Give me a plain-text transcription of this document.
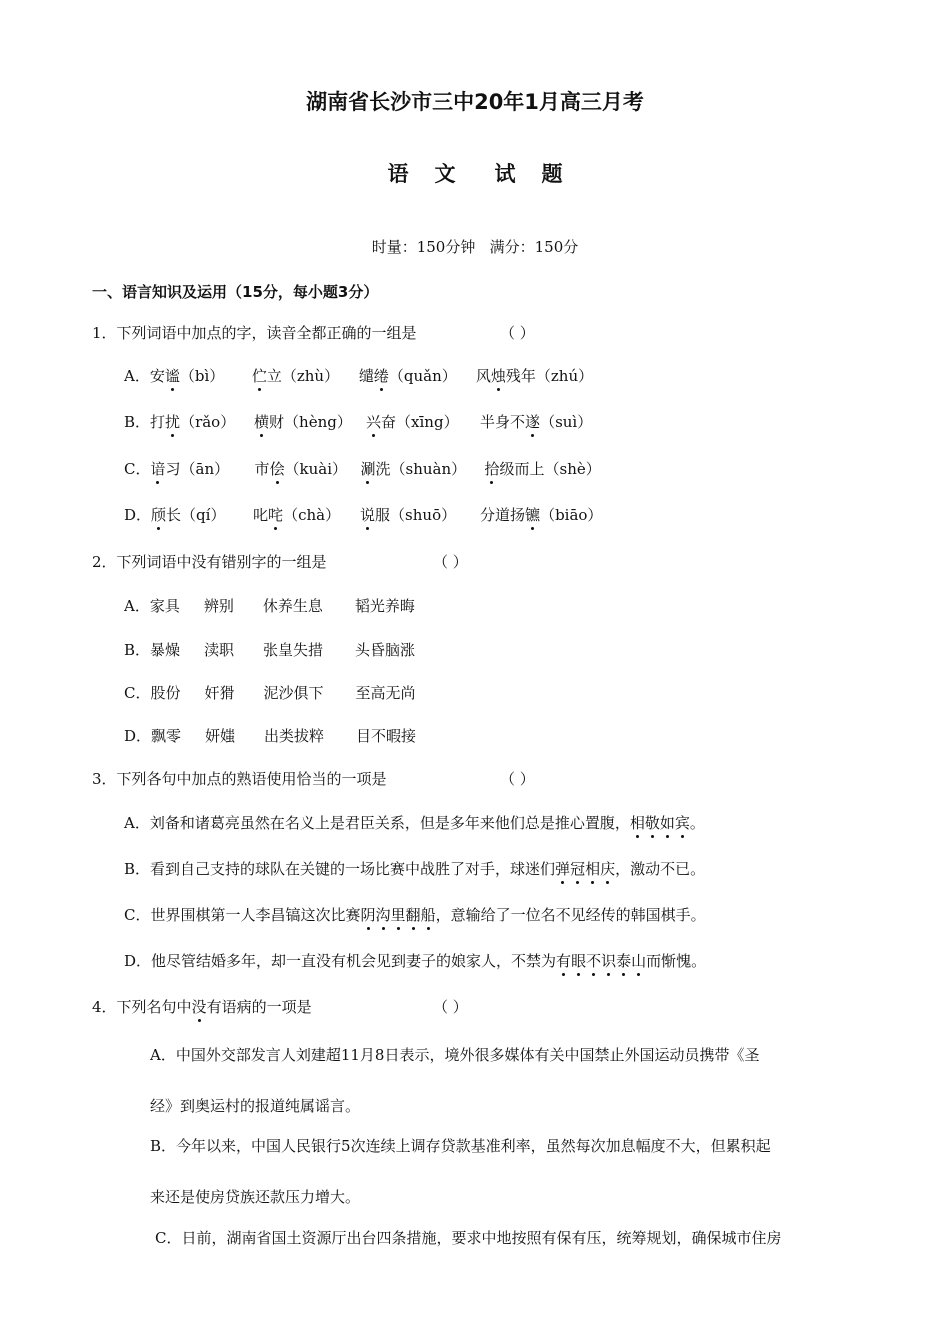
湖南省长沙市三中20年1月高三月考
语 文 试 题
时量：150分钟   满分：150分
一、语言知识及运用（15分，每小题3分）
1．下列词语中加点的字，读音全都正确的一组是	（ ）
A．安谧（bì） 伫立（zhù） 缱绻（quǎn） 风烛残年（zhú）
B．打扰（rǎo） 横财（hèng） 兴奋（xīng） 半身不遂（suì）
C．谙习（ān） 市侩（kuài） 涮洗（shuàn） 拾级而上（shè）
D．颀长（qí） 叱咤（chà） 说服（shuō） 分道扬镳（biāo）
2．下列词语中没有错别字的一组是	（ ）
A．家具 辨别 休养生息 韬光养晦
B．暴燥 渎职 张皇失措 头昏脑涨
C．股份 奸猾 泥沙俱下 至高无尚
D．飘零 妍媸 出类拔粹 目不暇接
3．下列各句中加点的熟语使用恰当的一项是	（ ）
A．刘备和诸葛亮虽然在名义上是君臣关系，但是多年来他们总是推心置腹，相敬如宾。
B．看到自己支持的球队在关键的一场比赛中战胜了对手，球迷们弹冠相庆，激动不已。
C．世界围棋第一人李昌镐这次比赛阴沟里翻船，意输给了一位名不见经传的韩国棋手。
D．他尽管结婚多年，却一直没有机会见到妻子的娘家人，不禁为有眼不识泰山而惭愧。
4．下列名句中没有语病的一项是	（ ）
A．中国外交部发言人刘建超11月8日表示，境外很多媒体有关中国禁止外国运动员携带《圣
经》到奥运村的报道纯属谣言。
B．今年以来，中国人民银行5次连续上调存贷款基准利率，虽然每次加息幅度不大，但累积起
来还是使房贷族还款压力增大。
C．日前，湖南省国土资源厅出台四条措施，要求中地按照有保有压，统筹规划，确保城市住房
